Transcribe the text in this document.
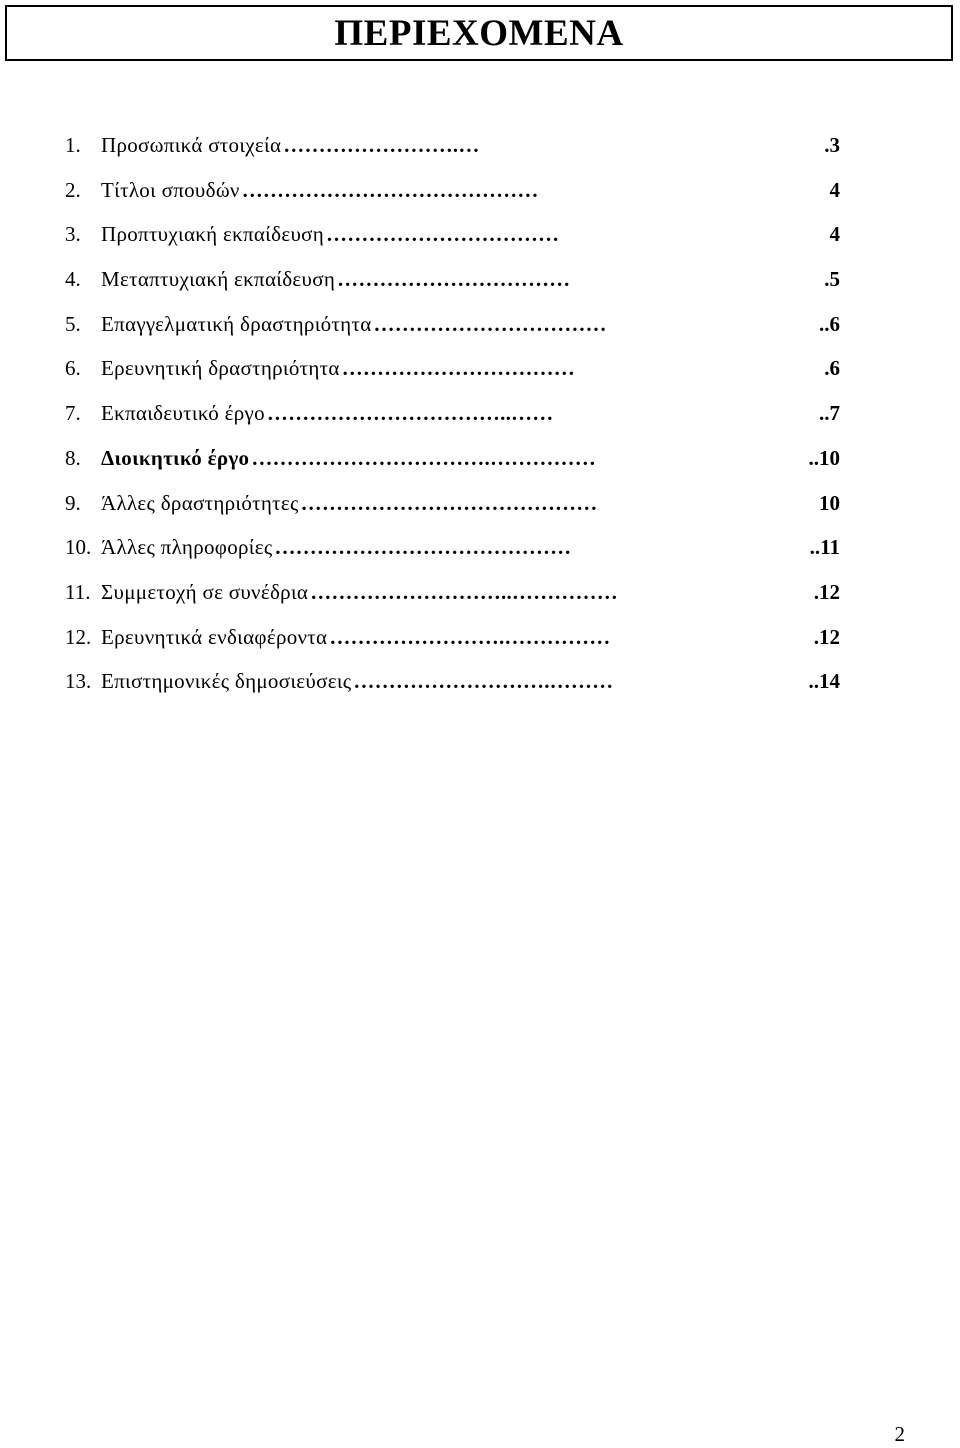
ΠΕΡΙΕΧΟΜΕΝΑ
1. Προσωπικά στοιχεία …………………….…	.3
2. Τίτλοι σπουδών ……………………………………	4
3. Προπτυχιακή εκπαίδευση ……………………………	4
4. Μεταπτυχιακή εκπαίδευση ……………………………	.5
5. Επαγγελματική δραστηριότητα ……………………………	..6
6. Ερευνητική δραστηριότητα ……………………………	.6
7. Εκπαιδευτικό έργο ……………………………..……	..7
8. Διοικητικό έργο …………………………….……………	..10
9. Άλλες δραστηριότητες ……………………………………	10
10. Άλλες πληροφορίες ……………………………………	..11
11. Συμμετοχή σε συνέδρια ………………………..……………	.12
12. Ερευνητικά ενδιαφέροντα …………………….……………	.12
13. Επιστημονικές δημοσιεύσεις ……………………….………	..14
2
